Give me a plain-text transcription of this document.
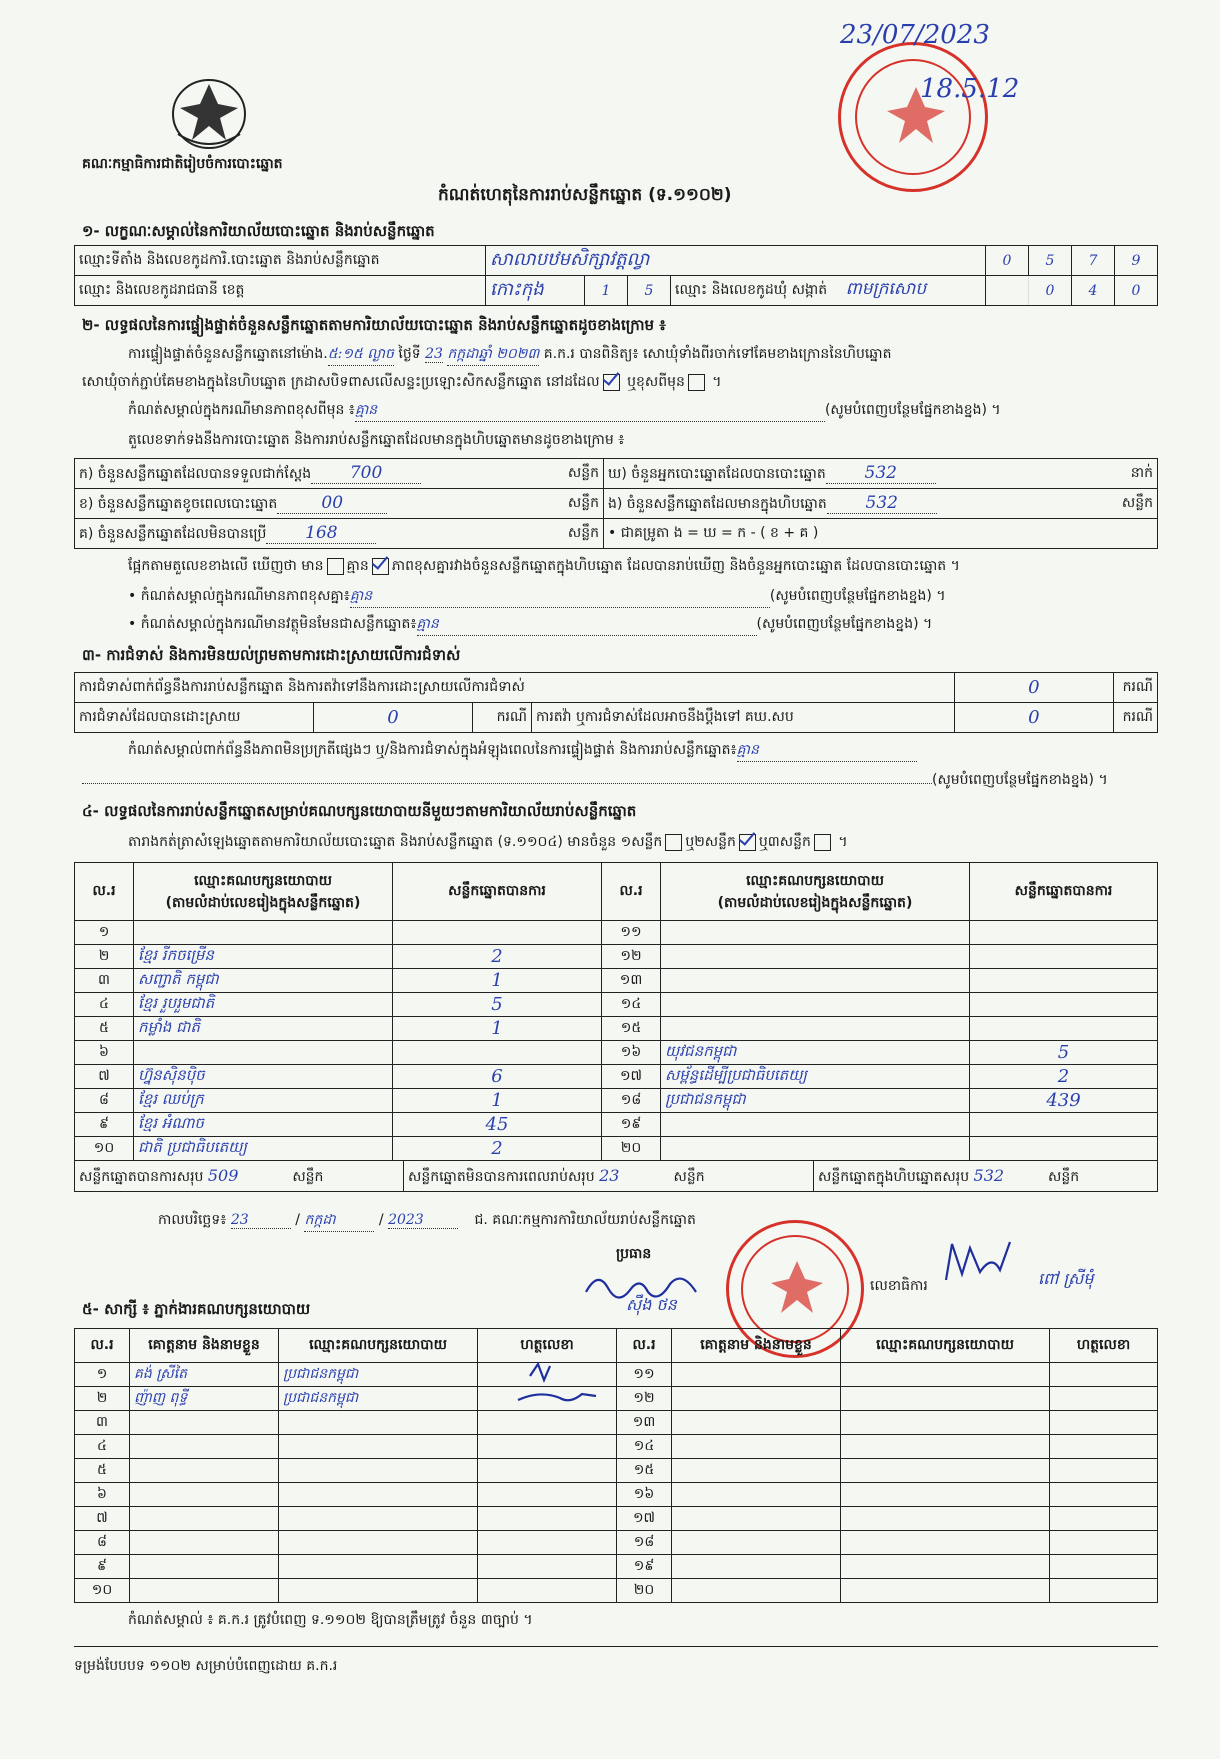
គណៈកម្មាធិការជាតិរៀបចំការបោះឆ្នោត
កំណត់ហេតុនៃការរាប់សន្លឹកឆ្នោត (ទ.១១០២)
23/07/2023
18.5.12
១- លក្ខណៈសម្គាល់នៃការិយាល័យបោះឆ្នោត និងរាប់សន្លឹកឆ្នោត
ឈ្មោះទីតាំង និងលេខកូដការិ.បោះឆ្នោត និងរាប់សន្លឹកឆ្នោត	សាលាបឋមសិក្សាវត្តល្វា				0	5	7	9
ឈ្មោះ និងលេខកូដរាជធានី ខេត្ត	កោះកុង	1	5	ឈ្មោះ និងលេខកូដឃុំ សង្កាត់ ពាមក្រសោប		0	4	0
២- លទ្ធផលនៃការផ្ទៀងផ្ទាត់ចំនួនសន្លឹកឆ្នោតតាមការិយាល័យបោះឆ្នោត និងរាប់សន្លឹកឆ្នោតដូចខាងក្រោម ៖
ការផ្ទៀងផ្ទាត់ចំនួនសន្លឹកឆ្នោតនៅម៉ោង.៥:១៥ ល្ងាច ថ្ងៃទី 23 កក្កដាឆ្នាំ ២០២៣ គ.ក.រ បានពិនិត្យ៖ សោឃុំទាំងពីរចាក់ទៅគែមខាងក្រោននៃហិបឆ្នោត
សោឃុំចាក់ភ្ជាប់គែមខាងក្នុងនៃហិបឆ្នោត ក្រដាសបិទពាសលើសន្ទះប្រឡោះសិកសន្លឹកឆ្នោត នៅដដែល ឬខុសពីមុន ។
កំណត់សម្គាល់ក្នុងករណីមានភាពខុសពីមុន ៖គ្មាន	(សូមបំពេញបន្ថែមផ្នែកខាងខ្នង) ។
តួលេខទាក់ទងនឹងការបោះឆ្នោត និងការរាប់សន្លឹកឆ្នោតដែលមានក្នុងហិបឆ្នោតមានដូចខាងក្រោម ៖
ក) ចំនួនសន្លឹកឆ្នោតដែលបានទទួលជាក់ស្តែង 700 សន្លឹក	ឃ) ចំនួនអ្នកបោះឆ្នោតដែលបានបោះឆ្នោត 532 នាក់

ខ) ចំនួនសន្លឹកឆ្នោតខូចពេលបោះឆ្នោត 00 សន្លឹក	ង) ចំនួនសន្លឹកឆ្នោតដែលមានក្នុងហិបឆ្នោត 532 សន្លឹក

គ) ចំនួនសន្លឹកឆ្នោតដែលមិនបានប្រើ 168 សន្លឹក	• ជាគម្រូតា ង = ឃ = ក - ( ខ + គ )
ផ្អែកតាមតួលេខខាងលើ ឃើញថា មាន គ្មាន ភាពខុសគ្នារវាងចំនួនសន្លឹកឆ្នោតក្នុងហិបឆ្នោត ដែលបានរាប់ឃើញ និងចំនួនអ្នកបោះឆ្នោត ដែលបានបោះឆ្នោត ។
• កំណត់សម្គាល់ក្នុងករណីមានភាពខុសគ្នា៖គ្មាន	(សូមបំពេញបន្ថែមផ្នែកខាងខ្នង) ។
• កំណត់សម្គាល់ក្នុងករណីមានវត្ថុមិនមែនជាសន្លឹកឆ្នោត៖គ្មាន	(សូមបំពេញបន្ថែមផ្នែកខាងខ្នង) ។
៣- ការជំទាស់ និងការមិនយល់ព្រមតាមការដោះស្រាយលើការជំទាស់
ការជំទាស់ពាក់ព័ន្ធនឹងការរាប់សន្លឹកឆ្នោត និងការតវ៉ាទៅនឹងការដោះស្រាយលើការជំទាស់				0	ករណី
ការជំទាស់ដែលបានដោះស្រាយ	0	ករណី	ការតវ៉ា ឬការជំទាស់ដែលអាចនឹងប្តឹងទៅ គឃ.សប	0	ករណី
កំណត់សម្គាល់ពាក់ព័ន្ធនឹងភាពមិនប្រក្រតីផ្សេងៗ ឬ/និងការជំទាស់ក្នុងអំឡុងពេលនៃការផ្ទៀងផ្ទាត់ និងការរាប់សន្លឹកឆ្នោត៖គ្មាន
(សូមបំពេញបន្ថែមផ្នែកខាងខ្នង) ។
៤- លទ្ធផលនៃការរាប់សន្លឹកឆ្នោតសម្រាប់គណបក្សនយោបាយនីមួយៗតាមការិយាល័យរាប់សន្លឹកឆ្នោត
តារាងកត់ត្រាសំឡេងឆ្នោតតាមការិយាល័យបោះឆ្នោត និងរាប់សន្លឹកឆ្នោត (ទ.១១០៤) មានចំនួន ១សន្លឹក ឬ២សន្លឹក ឬ៣សន្លឹក ។
ល.រ	ឈ្មោះគណបក្សនយោបាយ
(តាមលំដាប់លេខរៀងក្នុងសន្លឹកឆ្នោត)	សន្លឹកឆ្នោតបានការ	ល.រ	ឈ្មោះគណបក្សនយោបាយ
(តាមលំដាប់លេខរៀងក្នុងសន្លឹកឆ្នោត)	សន្លឹកឆ្នោតបានការ
១			១១		
២	ខ្មែរ រីកចម្រើន	2	១២		
៣	សញ្ជាតិ កម្ពុជា	1	១៣		
៤	ខ្មែរ រួបរួមជាតិ	5	១៤		
៥	កម្លាំង ជាតិ	1	១៥		
៦			១៦	យុវជនកម្ពុជា	5
៧	ហ្វ៊ុនស៊ិនប៉ិច	6	១៧	សម្ព័ន្ធដើម្បីប្រជាធិបតេយ្យ	2
៨	ខ្មែរ ឈប់ក្រ	1	១៨	ប្រជាជនកម្ពុជា	439
៩	ខ្មែរ អំណាច	45	១៩		
១០	ជាតិ ប្រជាធិបតេយ្យ	2	២០		

សន្លឹកឆ្នោតបានការសរុប 509 សន្លឹក សន្លឹកឆ្នោតមិនបានការពេលរាប់សរុប 23 សន្លឹក សន្លឹកឆ្នោតក្នុងហិបឆ្នោតសរុប 532 សន្លឹក					
កាលបរិច្ឆេទ៖ 23	/ កក្កដា	/ 2023	ជ. គណៈកម្មការការិយាល័យរាប់សន្លឹកឆ្នោត
ប្រធាន
ស៊ឹង ថន
លេខាធិការ	ពៅ ស្រីមុំ
៥- សាក្សី ៖ ភ្នាក់ងារគណបក្សនយោបាយ
ល.រ	គោត្តនាម និងនាមខ្លួន	ឈ្មោះគណបក្សនយោបាយ	ហត្ថលេខា	ល.រ	គោត្តនាម និងនាមខ្លួន	ឈ្មោះគណបក្សនយោបាយ	ហត្ថលេខា
១	គង់ ស្រីតៃ	ប្រជាជនកម្ពុជា		១១			
២	ញ៉ាញ ពុទ្ធី	ប្រជាជនកម្ពុជា		១២			
៣				១៣			
៤				១៤			
៥				១៥			
៦				១៦			
៧				១៧			
៨				១៨			
៩				១៩			
១០				២០			
កំណត់សម្គាល់ ៖ គ.ក.រ ត្រូវបំពេញ ទ.១១០២ ឱ្យបានត្រឹមត្រូវ ចំនួន ៣ច្បាប់ ។
ទម្រង់បែបបទ ១១០២ សម្រាប់បំពេញដោយ គ.ក.រ
